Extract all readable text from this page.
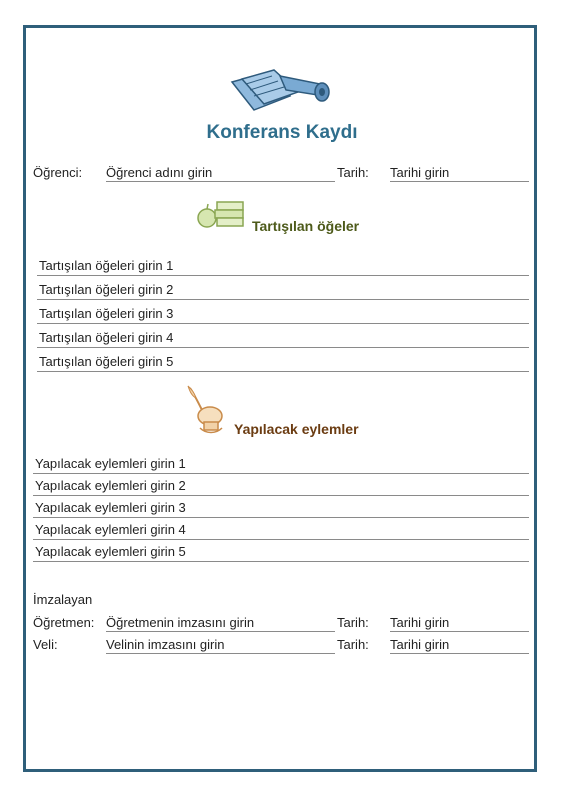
Konferans Kaydı
Öğrenci: Öğrenci adını girin	Tarih: Tarihi girin
Tartışılan öğeler
Tartışılan öğeleri girin 1
Tartışılan öğeleri girin 2
Tartışılan öğeleri girin 3
Tartışılan öğeleri girin 4
Tartışılan öğeleri girin 5
Yapılacak eylemler
Yapılacak eylemleri girin 1
Yapılacak eylemleri girin 2
Yapılacak eylemleri girin 3
Yapılacak eylemleri girin 4
Yapılacak eylemleri girin 5
İmzalayan
Öğretmen: Öğretmenin imzasını girin	Tarih: Tarihi girin
Veli:	Velinin imzasını girin	Tarih: Tarihi girin
